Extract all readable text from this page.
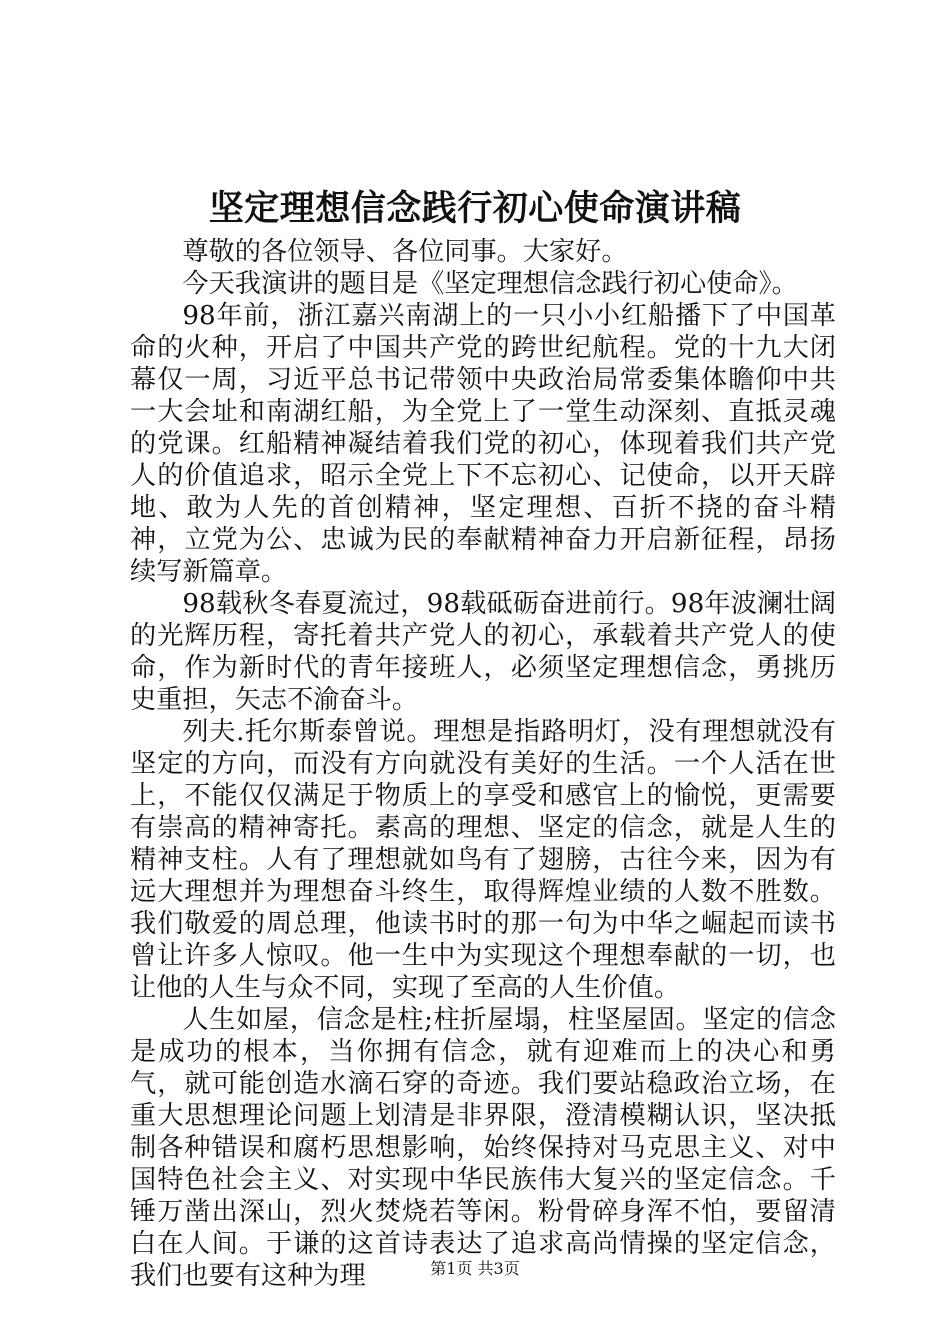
坚定理想信念践行初心使命演讲稿

尊敬的各位领导、各位同事。大家好。

今天我演讲的题目是《坚定理想信念践行初心使命》。

98年前，浙江嘉兴南湖上的一只小小红船播下了中国革命的火种，开启了中国共产党的跨世纪航程。党的十九大闭幕仅一周，习近平总书记带领中央政治局常委集体瞻仰中共一大会址和南湖红船，为全党上了一堂生动深刻、直抵灵魂的党课。红船精神凝结着我们党的初心，体现着我们共产党人的价值追求，昭示全党上下不忘初心、记使命，以开天辟地、敢为人先的首创精神，坚定理想、百折不挠的奋斗精神，立党为公、忠诚为民的奉献精神奋力开启新征程，昂扬续写新篇章。

98载秋冬春夏流过，98载砥砺奋进前行。98年波澜壮阔的光辉历程，寄托着共产党人的初心，承载着共产党人的使命，作为新时代的青年接班人，必须坚定理想信念，勇挑历史重担，矢志不渝奋斗。

列夫.托尔斯泰曾说。理想是指路明灯，没有理想就没有坚定的方向，而没有方向就没有美好的生活。一个人活在世上，不能仅仅满足于物质上的享受和感官上的愉悦，更需要有崇高的精神寄托。素高的理想、坚定的信念，就是人生的精神支柱。人有了理想就如鸟有了翅膀，古往今来，因为有远大理想并为理想奋斗终生，取得辉煌业绩的人数不胜数。我们敬爱的周总理，他读书时的那一句为中华之崛起而读书曾让许多人惊叹。他一生中为实现这个理想奉献的一切，也让他的人生与众不同，实现了至高的人生价值。

人生如屋，信念是柱;柱折屋塌，柱坚屋固。坚定的信念是成功的根本，当你拥有信念，就有迎难而上的决心和勇气，就可能创造水滴石穿的奇迹。我们要站稳政治立场，在重大思想理论问题上划清是非界限，澄清模糊认识，坚决抵制各种错误和腐朽思想影响，始终保持对马克思主义、对中国特色社会主义、对实现中华民族伟大复兴的坚定信念。千锤万凿出深山，烈火焚烧若等闲。粉骨碎身浑不怕，要留清白在人间。于谦的这首诗表达了追求高尚情操的坚定信念，我们也要有这种为理	第1页 共3页
